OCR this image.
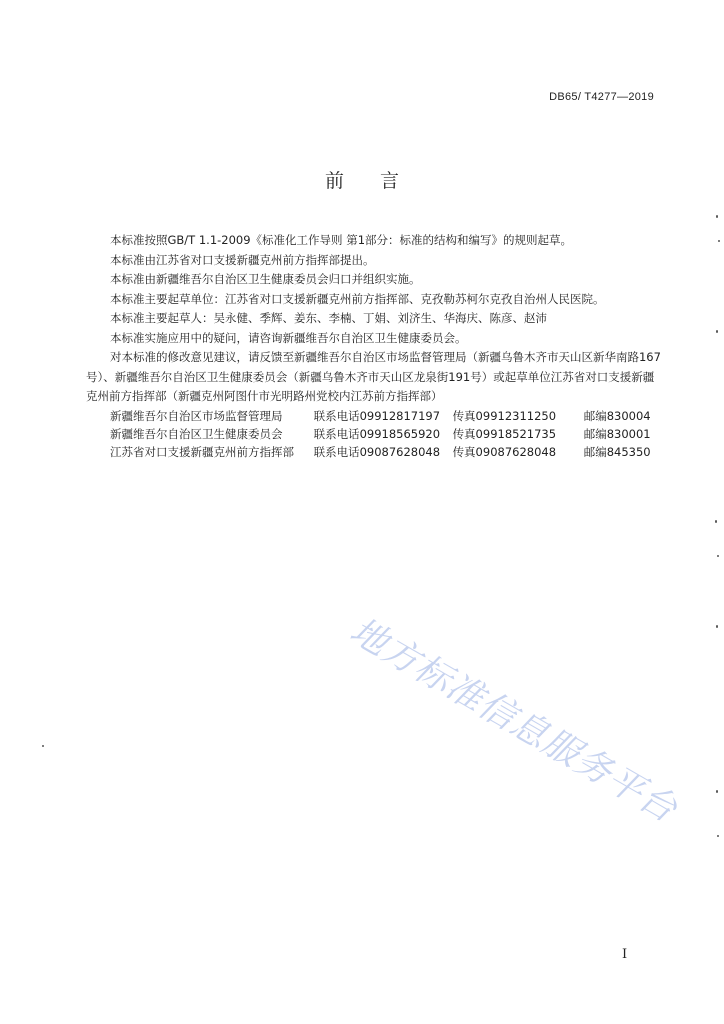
DB65/ T4277—2019
前言

本标准按照GB/T 1.1-2009《标准化工作导则 第1部分：标准的结构和编写》的规则起草。

本标准由江苏省对口支援新疆克州前方指挥部提出。

本标准由新疆维吾尔自治区卫生健康委员会归口并组织实施。

本标准主要起草单位：江苏省对口支援新疆克州前方指挥部、克孜勒苏柯尔克孜自治州人民医院。

本标准主要起草人：吴永健、季辉、姜东、李楠、丁娟、刘济生、华海庆、陈彦、赵沛

本标准实施应用中的疑问，请咨询新疆维吾尔自治区卫生健康委员会。

对本标准的修改意见建议，请反馈至新疆维吾尔自治区市场监督管理局（新疆乌鲁木齐市天山区新华南路167号）、新疆维吾尔自治区卫生健康委员会（新疆乌鲁木齐市天山区龙泉街191号）或起草单位江苏省对口支援新疆克州前方指挥部（新疆克州阿图什市光明路州党校内江苏前方指挥部）

新疆维吾尔自治区市场监督管理局	联系电话09912817197	传真09912311250	邮编830004
新疆维吾尔自治区卫生健康委员会	联系电话09918565920	传真09918521735	邮编830001
江苏省对口支援新疆克州前方指挥部	联系电话09087628048	传真09087628048	邮编845350
地方标准信息服务平台
I
